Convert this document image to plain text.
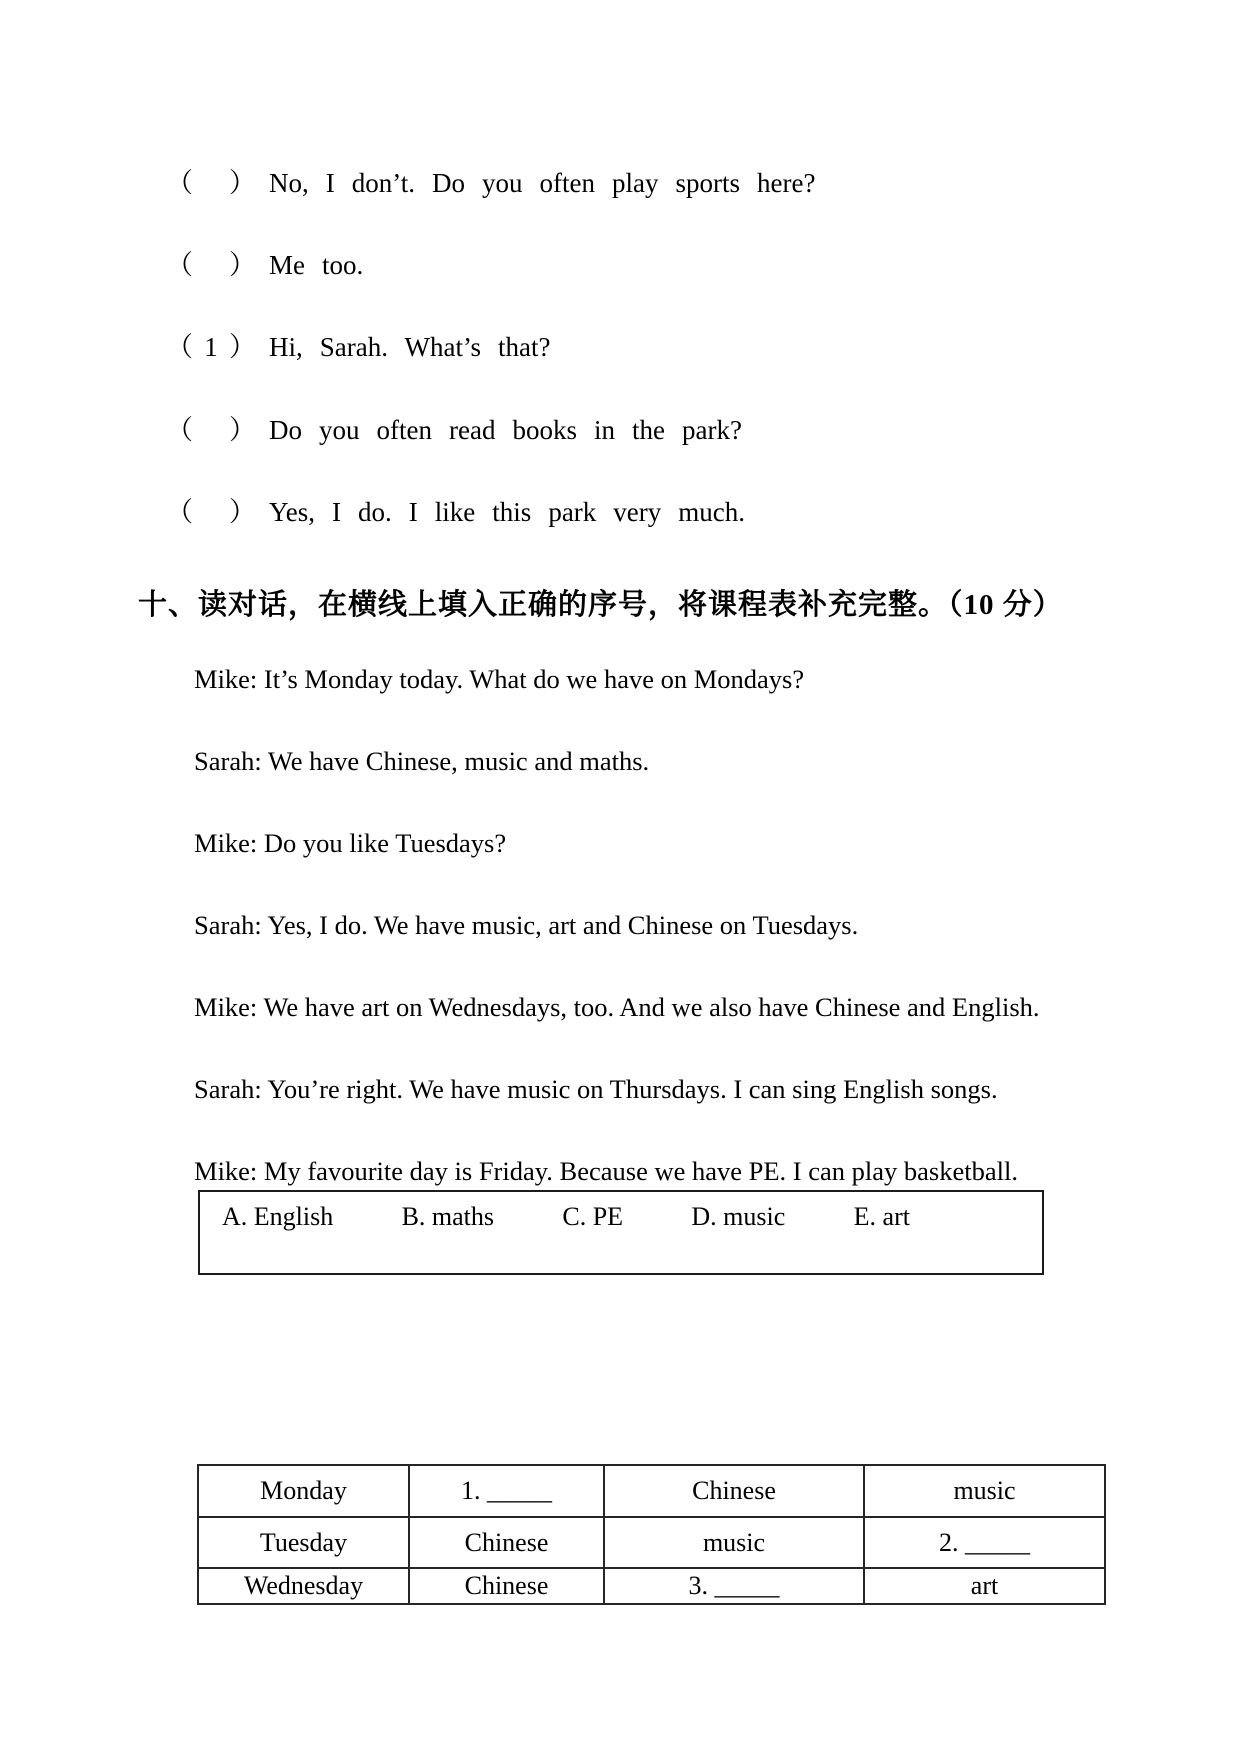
（ ） No, I don’t. Do you often play sports here?
（ ） Me too.
（ 1 ） Hi, Sarah. What’s that?
（ ） Do you often read books in the park?
（ ） Yes, I do. I like this park very much.
十、读对话，在横线上填入正确的序号，将课程表补充完整。（10 分）
Mike: It’s Monday today. What do we have on Mondays?
Sarah: We have Chinese, music and maths.
Mike: Do you like Tuesdays?
Sarah: Yes, I do. We have music, art and Chinese on Tuesdays.
Mike: We have art on Wednesdays, too. And we also have Chinese and English.
Sarah: You’re right. We have music on Thursdays. I can sing English songs.
Mike: My favourite day is Friday. Because we have PE. I can play basketball.
A. English	B. maths	C. PE	D. music	E. art
Monday	1. _____	Chinese	music
Tuesday	Chinese	music	2. _____
Wednesday	Chinese	3. _____	art
